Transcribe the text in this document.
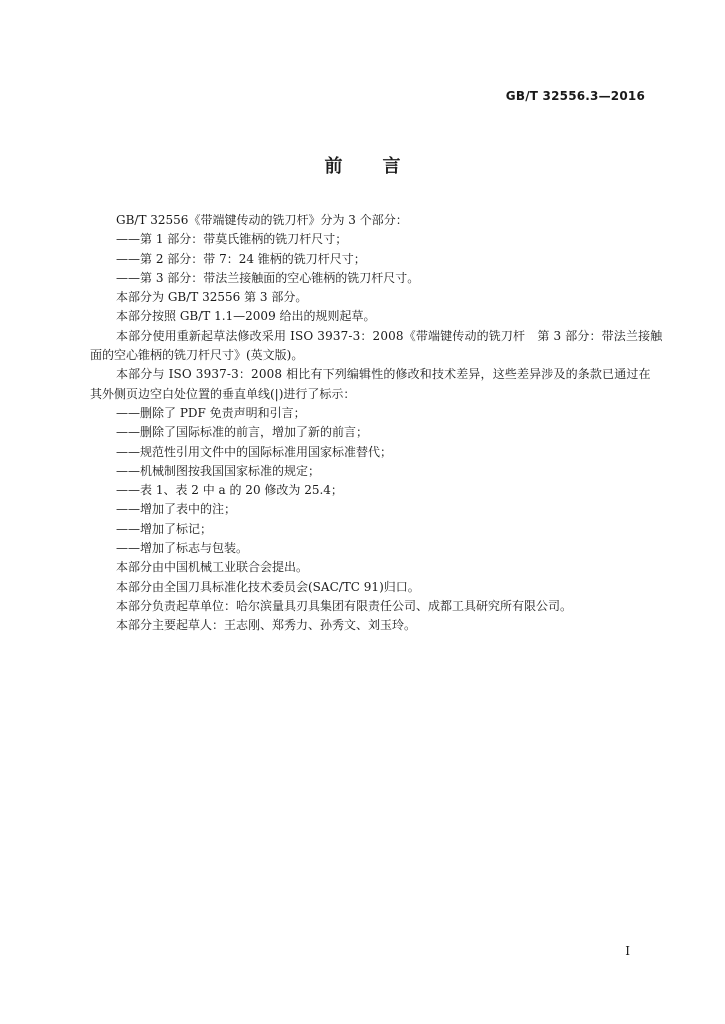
GB/T 32556.3—2016
前言

GB/T 32556《带端键传动的铣刀杆》分为 3 个部分：

——第 1 部分：带莫氏锥柄的铣刀杆尺寸；

——第 2 部分：带 7：24 锥柄的铣刀杆尺寸；

——第 3 部分：带法兰接触面的空心锥柄的铣刀杆尺寸。

本部分为 GB/T 32556 第 3 部分。

本部分按照 GB/T 1.1—2009 给出的规则起草。

本部分使用重新起草法修改采用 ISO 3937-3：2008《带端键传动的铣刀杆　第 3 部分：带法兰接触

面的空心锥柄的铣刀杆尺寸》(英文版)。

本部分与 ISO 3937-3：2008 相比有下列编辑性的修改和技术差异，这些差异涉及的条款已通过在

其外侧页边空白处位置的垂直单线(|)进行了标示：

——删除了 PDF 免责声明和引言；

——删除了国际标准的前言，增加了新的前言；

——规范性引用文件中的国际标准用国家标准替代；

——机械制图按我国国家标准的规定；

——表 1、表 2 中 a 的 20 修改为 25.4；

——增加了表中的注；

——增加了标记；

——增加了标志与包装。

本部分由中国机械工业联合会提出。

本部分由全国刀具标准化技术委员会(SAC/TC 91)归口。

本部分负责起草单位：哈尔滨量具刃具集团有限责任公司、成都工具研究所有限公司。

本部分主要起草人：王志刚、郑秀力、孙秀文、刘玉玲。

I
